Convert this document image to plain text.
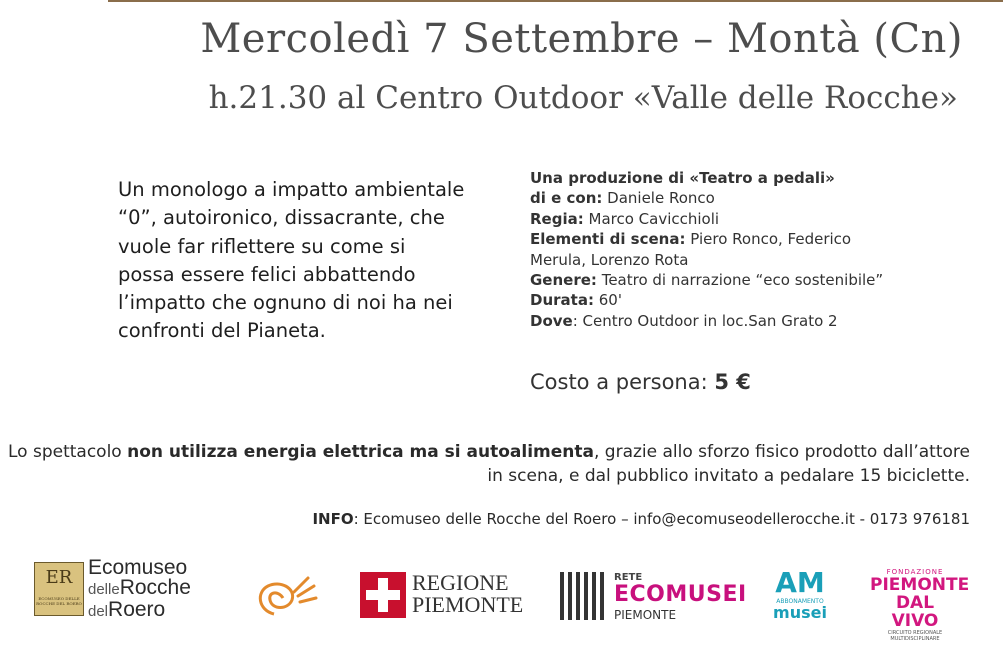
Mercoledì 7 Settembre – Montà (Cn)
h.21.30 al Centro Outdoor «Valle delle Rocche»
Un monologo a impatto ambientale “0”, autoironico, dissacrante, che vuole far riflettere su come si possa essere felici abbattendo l’impatto che ognuno di noi ha nei confronti del Pianeta.
Una produzione di «Teatro a pedali»
di e con: Daniele Ronco
Regia: Marco Cavicchioli
Elementi di scena: Piero Ronco, Federico Merula, Lorenzo Rota
Genere: Teatro di narrazione “eco sostenibile”
Durata: 60'
Dove: Centro Outdoor in loc.San Grato 2
Costo a persona: 5 €
Lo spettacolo non utilizza energia elettrica ma si autoalimenta, grazie allo sforzo fisico prodotto dall’attore in scena, e dal pubblico invitato a pedalare 15 biciclette.
INFO: Ecomuseo delle Rocche del Roero – info@ecomuseodellerocche.it - 0173 976181
ER
ECOMUSEO DELLE ROCCHE DEL ROERO
Ecomuseo
delleRocche
delRoero
REGIONE
PIEMONTE
RETE
ECOMUSEI
PIEMONTE
AM
ABBONAMENTO
musei
FONDAZIONE
PIEMONTE
DAL VIVO
CIRCUITO REGIONALE MULTIDISCIPLINARE
